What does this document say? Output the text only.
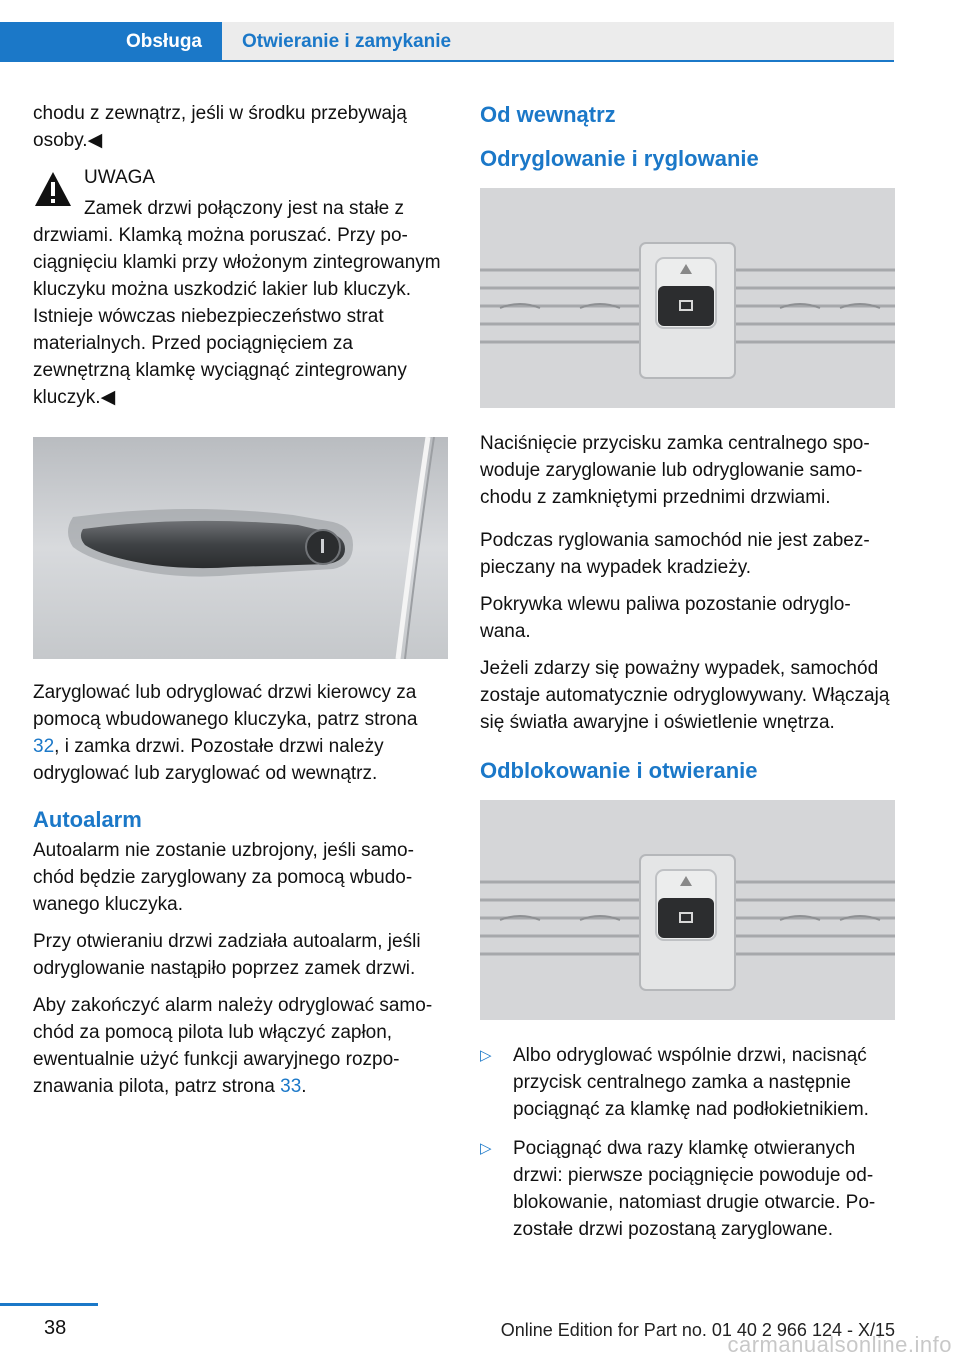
Obsługa	Otwieranie i zamykanie

chodu z zewnątrz, jeśli w środku przebywają osoby.◀

UWAGA

Zamek drzwi połączony jest na stałe z

drzwiami. Klamką można poruszać. Przy pociągnięciu klamki przy włożonym zintegrowanym kluczyku można uszkodzić lakier lub kluczyk. Istnieje wówczas niebezpieczeństwo strat materialnych. Przed pociągnięciem za zewnętrzną klamkę wyciągnąć zintegrowany kluczyk.◀

Zaryglować lub odryglować drzwi kierowcy za pomocą wbudowanego kluczyka, patrz strona 32, i zamka drzwi. Pozostałe drzwi należy odryglować lub zaryglować od wewnątrz.

Autoalarm

Autoalarm nie zostanie uzbrojony, jeśli samochód będzie zaryglowany za pomocą wbudowanego kluczyka.

Przy otwieraniu drzwi zadziała autoalarm, jeśli odryglowanie nastąpiło poprzez zamek drzwi.

Aby zakończyć alarm należy odryglować samochód za pomocą pilota lub włączyć zapłon, ewentualnie użyć funkcji awaryjnego rozpoznawania pilota, patrz strona 33.

Od wewnątrz
Odryglowanie i ryglowanie

Naciśnięcie przycisku zamka centralnego spowoduje zaryglowanie lub odryglowanie samochodu z zamkniętymi przednimi drzwiami.

Podczas ryglowania samochód nie jest zabezpieczany na wypadek kradzieży.

Pokrywka wlewu paliwa pozostanie odryglowana.

Jeżeli zdarzy się poważny wypadek, samochód zostaje automatycznie odryglowywany. Włączają się światła awaryjne i oświetlenie wnętrza.

Odblokowanie i otwieranie
▷ Albo odryglować wspólnie drzwi, nacisnąć przycisk centralnego zamka a następnie pociągnąć za klamkę nad podłokietnikiem.
▷ Pociągnąć dwa razy klamkę otwieranych drzwi: pierwsze pociągnięcie powoduje odblokowanie, natomiast drugie otwarcie. Pozostałe drzwi pozostaną zaryglowane.
38	Online Edition for Part no. 01 40 2 966 124 - X/15
carmanualsonline.info
